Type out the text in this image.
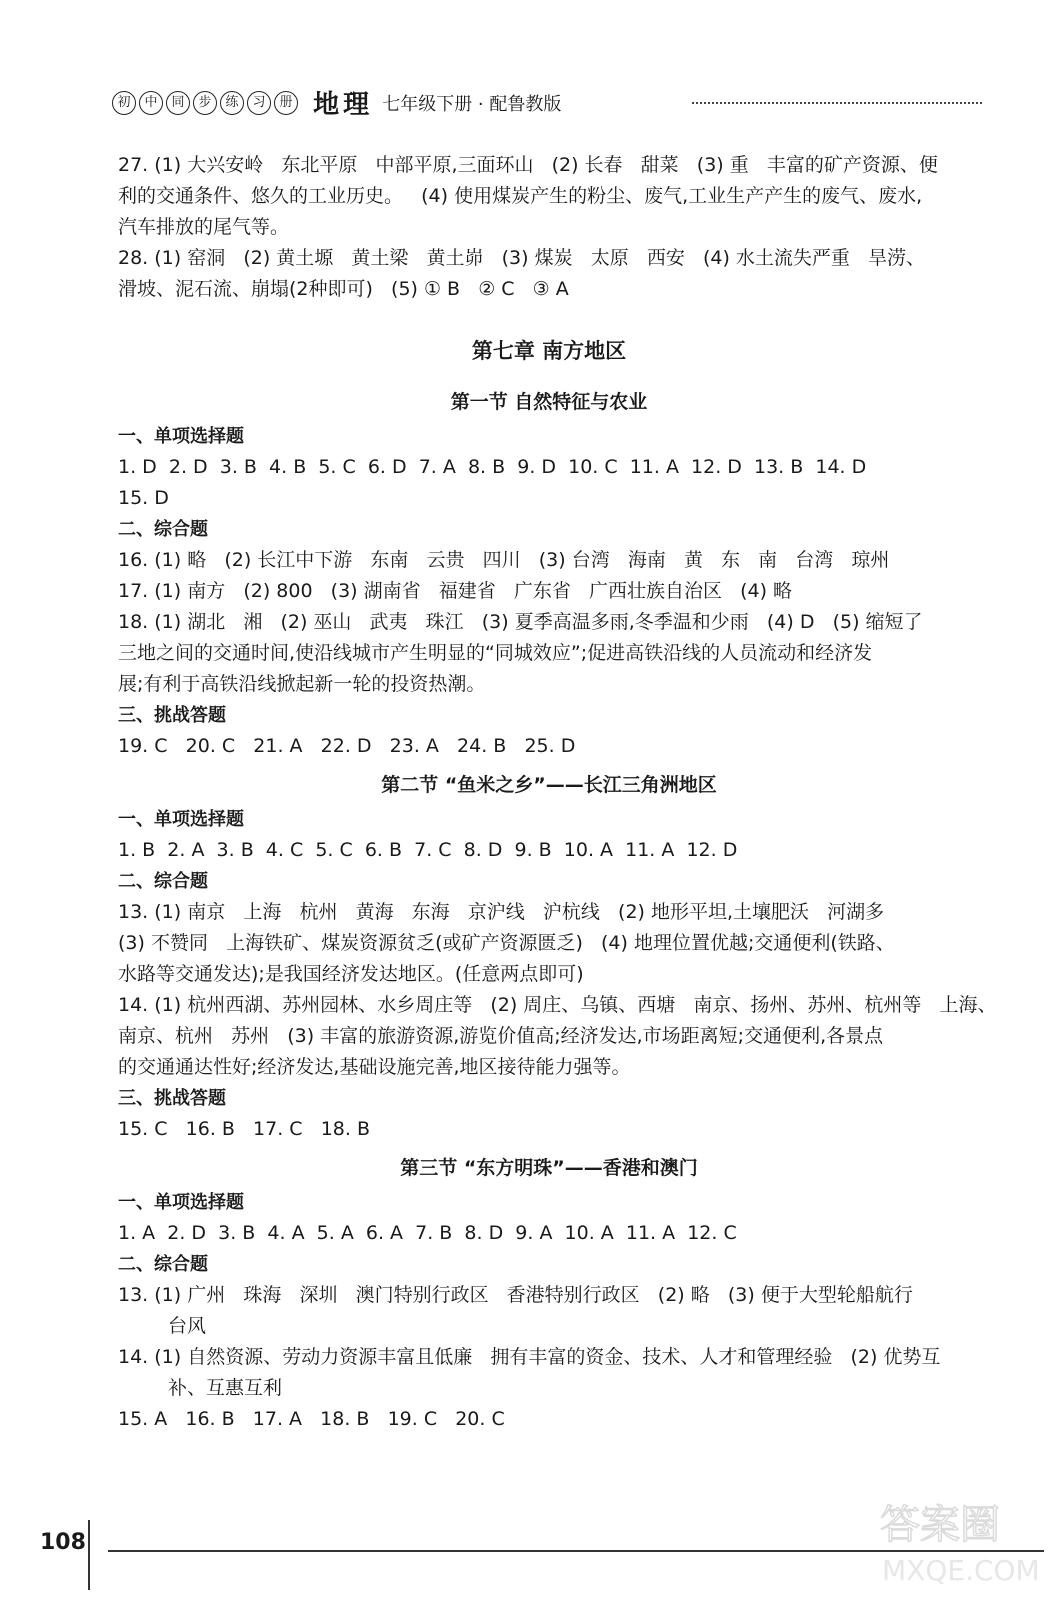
初	中	同	步	练	习	册 地理 七年级下册 · 配鲁教版
27. (1) 大兴安岭   东北平原   中部平原,三面环山   (2) 长春   甜菜   (3) 重   丰富的矿产资源、便
利的交通条件、悠久的工业历史。   (4) 使用煤炭产生的粉尘、废气,工业生产产生的废气、废水,
汽车排放的尾气等。
28. (1) 窑洞   (2) 黄土塬   黄土梁   黄土峁   (3) 煤炭   太原   西安   (4) 水土流失严重   旱涝、
滑坡、泥石流、崩塌(2种即可)   (5) ① B   ② C   ③ A
第七章 南方地区
第一节 自然特征与农业
一、单项选择题
1. D  2. D  3. B  4. B  5. C  6. D  7. A  8. B  9. D  10. C  11. A  12. D  13. B  14. D
15. D
二、综合题
16. (1) 略   (2) 长江中下游   东南   云贵   四川   (3) 台湾   海南   黄   东   南   台湾   琼州
17. (1) 南方   (2) 800   (3) 湖南省   福建省   广东省   广西壮族自治区   (4) 略
18. (1) 湖北   湘   (2) 巫山   武夷   珠江   (3) 夏季高温多雨,冬季温和少雨   (4) D   (5) 缩短了
三地之间的交通时间,使沿线城市产生明显的“同城效应”;促进高铁沿线的人员流动和经济发
展;有利于高铁沿线掀起新一轮的投资热潮。
三、挑战答题
19. C   20. C   21. A   22. D   23. A   24. B   25. D
第二节 “鱼米之乡”——长江三角洲地区
一、单项选择题
1. B  2. A  3. B  4. C  5. C  6. B  7. C  8. D  9. B  10. A  11. A  12. D
二、综合题
13. (1) 南京   上海   杭州   黄海   东海   京沪线   沪杭线   (2) 地形平坦,土壤肥沃   河湖多
(3) 不赞同   上海铁矿、煤炭资源贫乏(或矿产资源匮乏)   (4) 地理位置优越;交通便利(铁路、
水路等交通发达);是我国经济发达地区。(任意两点即可)
14. (1) 杭州西湖、苏州园林、水乡周庄等   (2) 周庄、乌镇、西塘   南京、扬州、苏州、杭州等   上海、
南京、杭州   苏州   (3) 丰富的旅游资源,游览价值高;经济发达,市场距离短;交通便利,各景点
的交通通达性好;经济发达,基础设施完善,地区接待能力强等。
三、挑战答题
15. C   16. B   17. C   18. B
第三节 “东方明珠”——香港和澳门
一、单项选择题
1. A  2. D  3. B  4. A  5. A  6. A  7. B  8. D  9. A  10. A  11. A  12. C
二、综合题
13. (1) 广州   珠海   深圳   澳门特别行政区   香港特别行政区   (2) 略   (3) 便于大型轮船航行
台风
14. (1) 自然资源、劳动力资源丰富且低廉   拥有丰富的资金、技术、人才和管理经验   (2) 优势互
补、互惠互利
15. A   16. B   17. A   18. B   19. C   20. C
108	答案圈
MXQE.COM
